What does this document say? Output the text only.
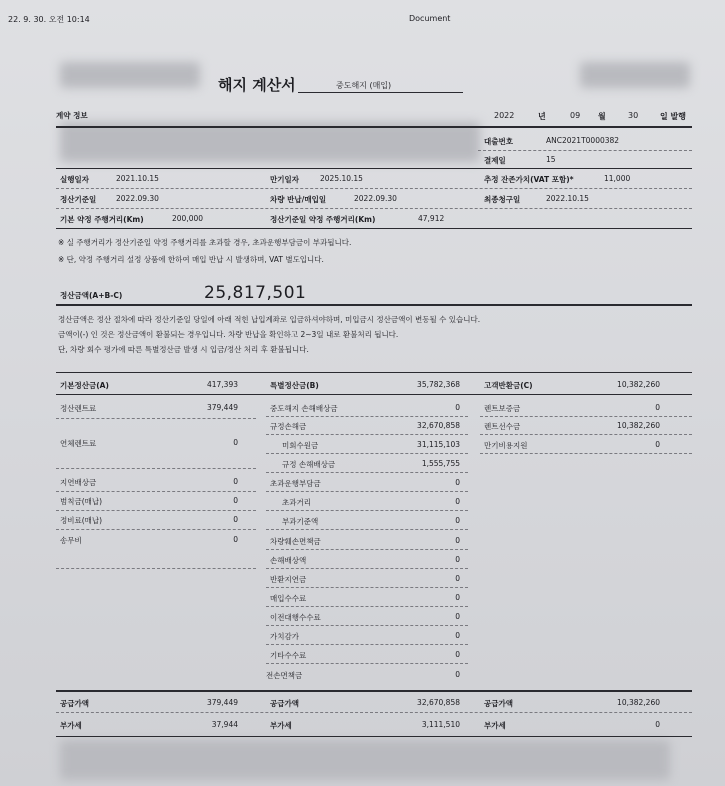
22. 9. 30. 오전 10:14	Document
해지 계산서	중도해지 (매입)
계약 정보	2022	년	09 월	30	일 발행
대출번호	ANC2021T0000382
결제일	15
실행일자	2021.10.15	만기일자	2025.10.15	추정 잔존가치(VAT 포함)*	11,000
정산기준일	2022.09.30	차량 반납/매입일	2022.09.30	최종청구일	2022.10.15
기본 약정 주행거리(Km)	200,000	정산기준일 약정 주행거리(Km)	47,912
※ 실 주행거리가 정산기준일 약정 주행거리를 초과할 경우, 초과운행부담금이 부과됩니다.
※ 단, 약정 주행거리 설정 상품에 한하여 매입 반납 시 발생하며, VAT 별도입니다.
정산금액(A+B-C)	25,817,501
정산금액은 정산 절차에 따라 정산기준일 당일에 아래 적힌 납입계좌로 입금하셔야하며, 미입금시 정산금액이 변동될 수 있습니다.
금액이(-) 인 것은 정산금액이 환불되는 경우입니다. 차량 반납을 확인하고 2~3일 내로 환불처리 됩니다.
단, 차량 회수 평가에 따른 특별정산금 발생 시 입금/정산 처리 후 환불됩니다.
기본정산금(A)	417,393
정산렌트료	379,449
연체렌트료	0
지연배상금	0
범칙금(매납)	0
정비료(매납)	0
송무비	0
특별정산금(B)	35,782,368
중도해지 손해배상금	0
규정손해금	32,670,858
미회수원금	31,115,103
규정 손해배상금	1,555,755
초과운행부담금	0
초과거리	0
부과기준액	0
차량훼손면책금	0
손해배상액	0
반환지연금	0
매입수수료	0
이전대행수수료	0
가치감가	0
기타수수료	0
전손면책금	0
고객반환금(C)	10,382,260
렌트보증금	0
렌트선수금	10,382,260
만기비용지원	0
공급가액	379,449	공급가액	32,670,858	공급가액	10,382,260
부가세	37,944	부가세	3,111,510	부가세	0
